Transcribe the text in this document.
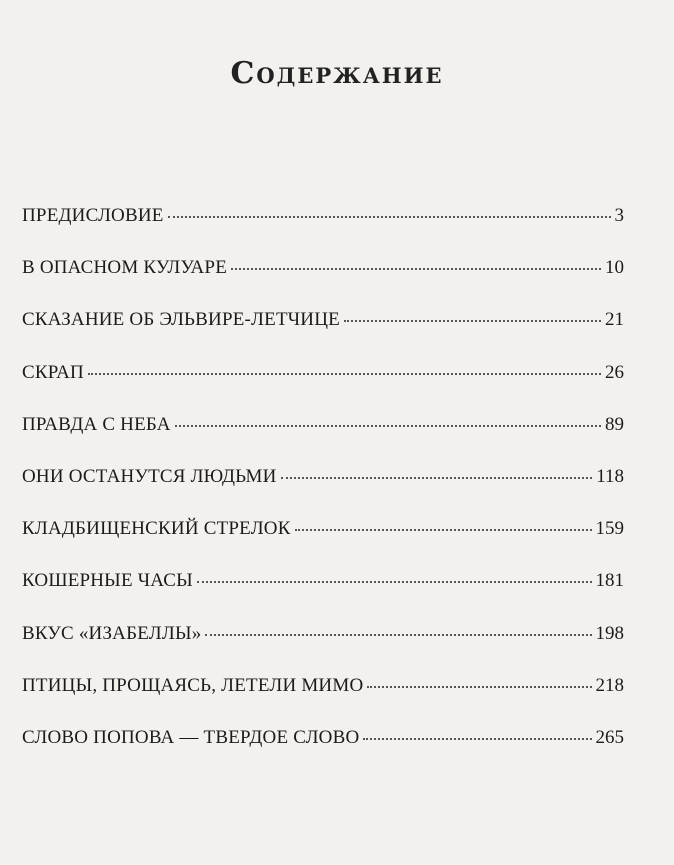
Содержание
ПРЕДИСЛОВИЕ	3
В ОПАСНОМ КУЛУАРЕ	10
СКАЗАНИЕ ОБ ЭЛЬВИРЕ-ЛЕТЧИЦЕ	21
СКРАП	26
ПРАВДА С НЕБА	89
ОНИ ОСТАНУТСЯ ЛЮДЬМИ	118
КЛАДБИЩЕНСКИЙ СТРЕЛОК	159
КОШЕРНЫЕ ЧАСЫ	181
ВКУС «ИЗАБЕЛЛЫ»	198
ПТИЦЫ, ПРОЩАЯСЬ, ЛЕТЕЛИ МИМО	218
СЛОВО ПОПОВА — ТВЕРДОЕ СЛОВО	265
